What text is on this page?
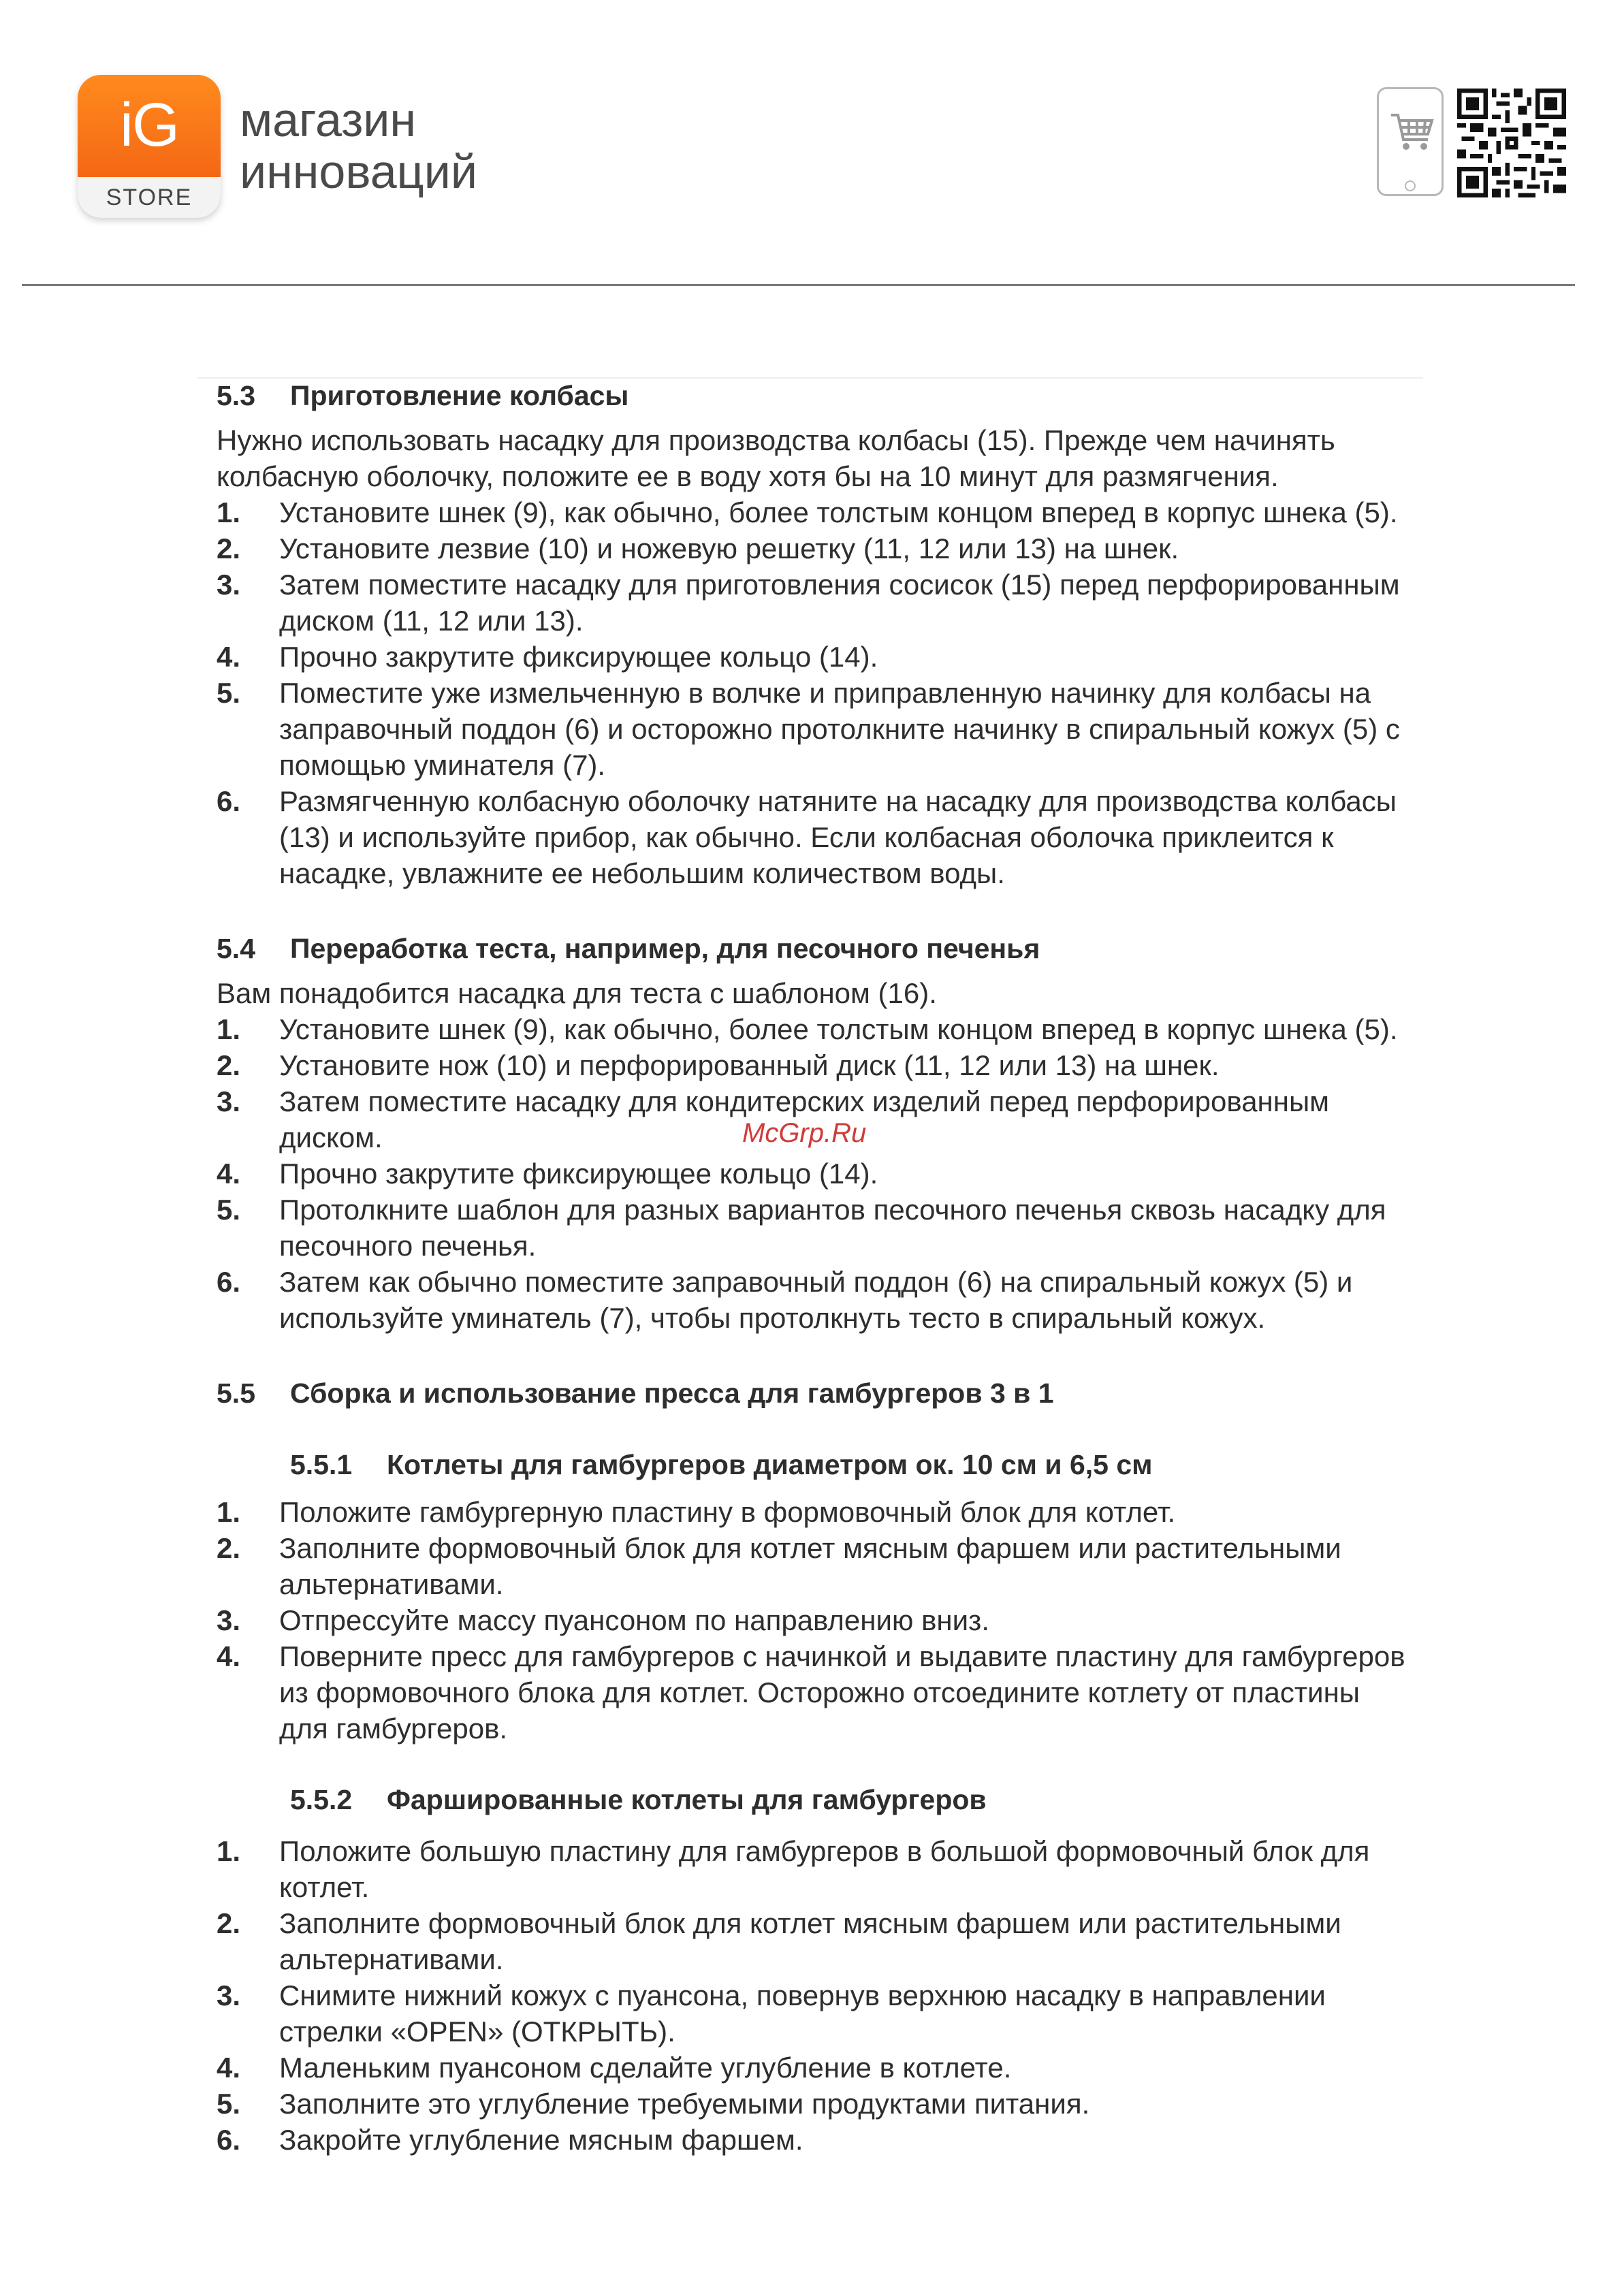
iG
STORE
магазин
инноваций
5.3	Приготовление колбасы

Нужно использовать насадку для производства колбасы (15). Прежде чем начинять колбасную оболочку, положите ее в воду хотя бы на 10 минут для размягчения.

1.	Установите шнек (9), как обычно, более толстым концом вперед в корпус шнека (5).
2.	Установите лезвие (10) и ножевую решетку (11, 12 или 13) на шнек.
3.	Затем поместите насадку для приготовления сосисок (15) перед перфорированным диском (11, 12 или 13).
4.	Прочно закрутите фиксирующее кольцо (14).
5.	Поместите уже измельченную в волчке и приправленную начинку для колбасы на заправочный поддон (6) и осторожно протолкните начинку в спиральный кожух (5) с помощью уминателя (7).
6.	Размягченную колбасную оболочку натяните на насадку для производства колбасы (13) и используйте прибор, как обычно. Если колбасная оболочка приклеится к насадке, увлажните ее небольшим количеством воды.
5.4	Переработка теста, например, для песочного печенья

Вам понадобится насадка для теста с шаблоном (16).

1.	Установите шнек (9), как обычно, более толстым концом вперед в корпус шнека (5).
2.	Установите нож (10) и перфорированный диск (11, 12 или 13) на шнек.
3.	Затем поместите насадку для кондитерских изделий перед перфорированным диском.
4.	Прочно закрутите фиксирующее кольцо (14).
5.	Протолкните шаблон для разных вариантов песочного печенья сквозь насадку для песочного печенья.
6.	Затем как обычно поместите заправочный поддон (6) на спиральный кожух (5) и используйте уминатель (7), чтобы протолкнуть тесто в спиральный кожух.
5.5	Сборка и использование пресса для гамбургеров 3 в 1
5.5.1	Котлеты для гамбургеров диаметром ок. 10 см и 6,5 см
1.	Положите гамбургерную пластину в формовочный блок для котлет.
2.	Заполните формовочный блок для котлет мясным фаршем или растительными альтернативами.
3.	Отпрессуйте массу пуансоном по направлению вниз.
4.	Поверните пресс для гамбургеров с начинкой и выдавите пластину для гамбургеров из формовочного блока для котлет. Осторожно отсоедините котлету от пластины для гамбургеров.
5.5.2	Фаршированные котлеты для гамбургеров
1.	Положите большую пластину для гамбургеров в большой формовочный блок для котлет.
2.	Заполните формовочный блок для котлет мясным фаршем или растительными альтернативами.
3.	Снимите нижний кожух с пуансона, повернув верхнюю насадку в направлении стрелки «OPEN» (ОТКРЫТЬ).
4.	Маленьким пуансоном сделайте углубление в котлете.
5.	Заполните это углубление требуемыми продуктами питания.
6.	Закройте углубление мясным фаршем.
McGrp.Ru
